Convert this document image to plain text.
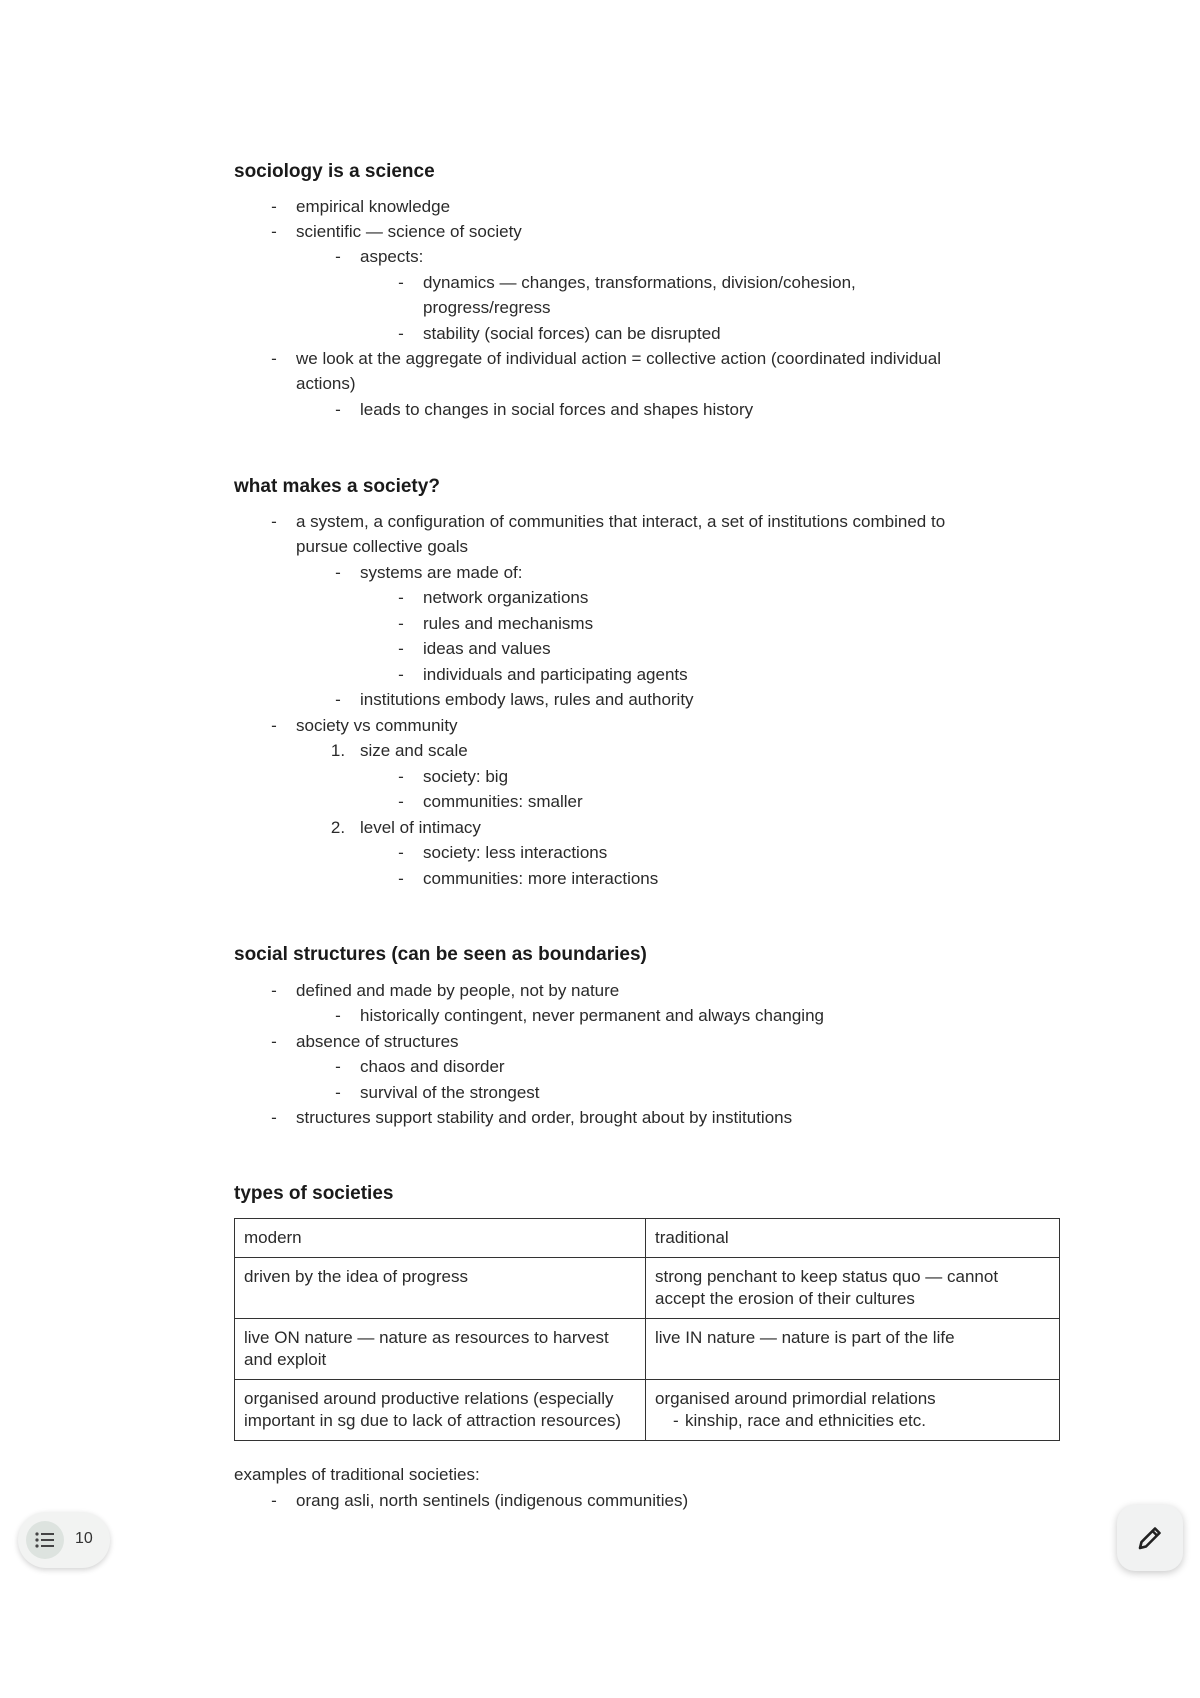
sociology is a science
-	empirical knowledge
-	scientific — science of society
-	aspects:
-	dynamics — changes, transformations, division/cohesion, progress/regress
-	stability (social forces) can be disrupted
-	we look at the aggregate of individual action = collective action (coordinated individual actions)
-	leads to changes in social forces and shapes history
what makes a society?
-	a system, a configuration of communities that interact, a set of institutions combined to pursue collective goals
-	systems are made of:
-	network organizations
-	rules and mechanisms
-	ideas and values
-	individuals and participating agents
-	institutions embody laws, rules and authority
-	society vs community
1. size and scale
-	society: big
-	communities: smaller
2. level of intimacy
-	society: less interactions
-	communities: more interactions
social structures (can be seen as boundaries)
-	defined and made by people, not by nature
-	historically contingent, never permanent and always changing
-	absence of structures
-	chaos and disorder
-	survival of the strongest
-	structures support stability and order, brought about by institutions
types of societies
modern	traditional
driven by the idea of progress	strong penchant to keep status quo — cannot accept the erosion of their cultures
live ON nature — nature as resources to harvest and exploit	live IN nature — nature is part of the life
organised around productive relations (especially important in sg due to lack of attraction resources)	organised around primordial relations
- kinship, race and ethnicities etc.
examples of traditional societies:
-	orang asli, north sentinels (indigenous communities)
10
